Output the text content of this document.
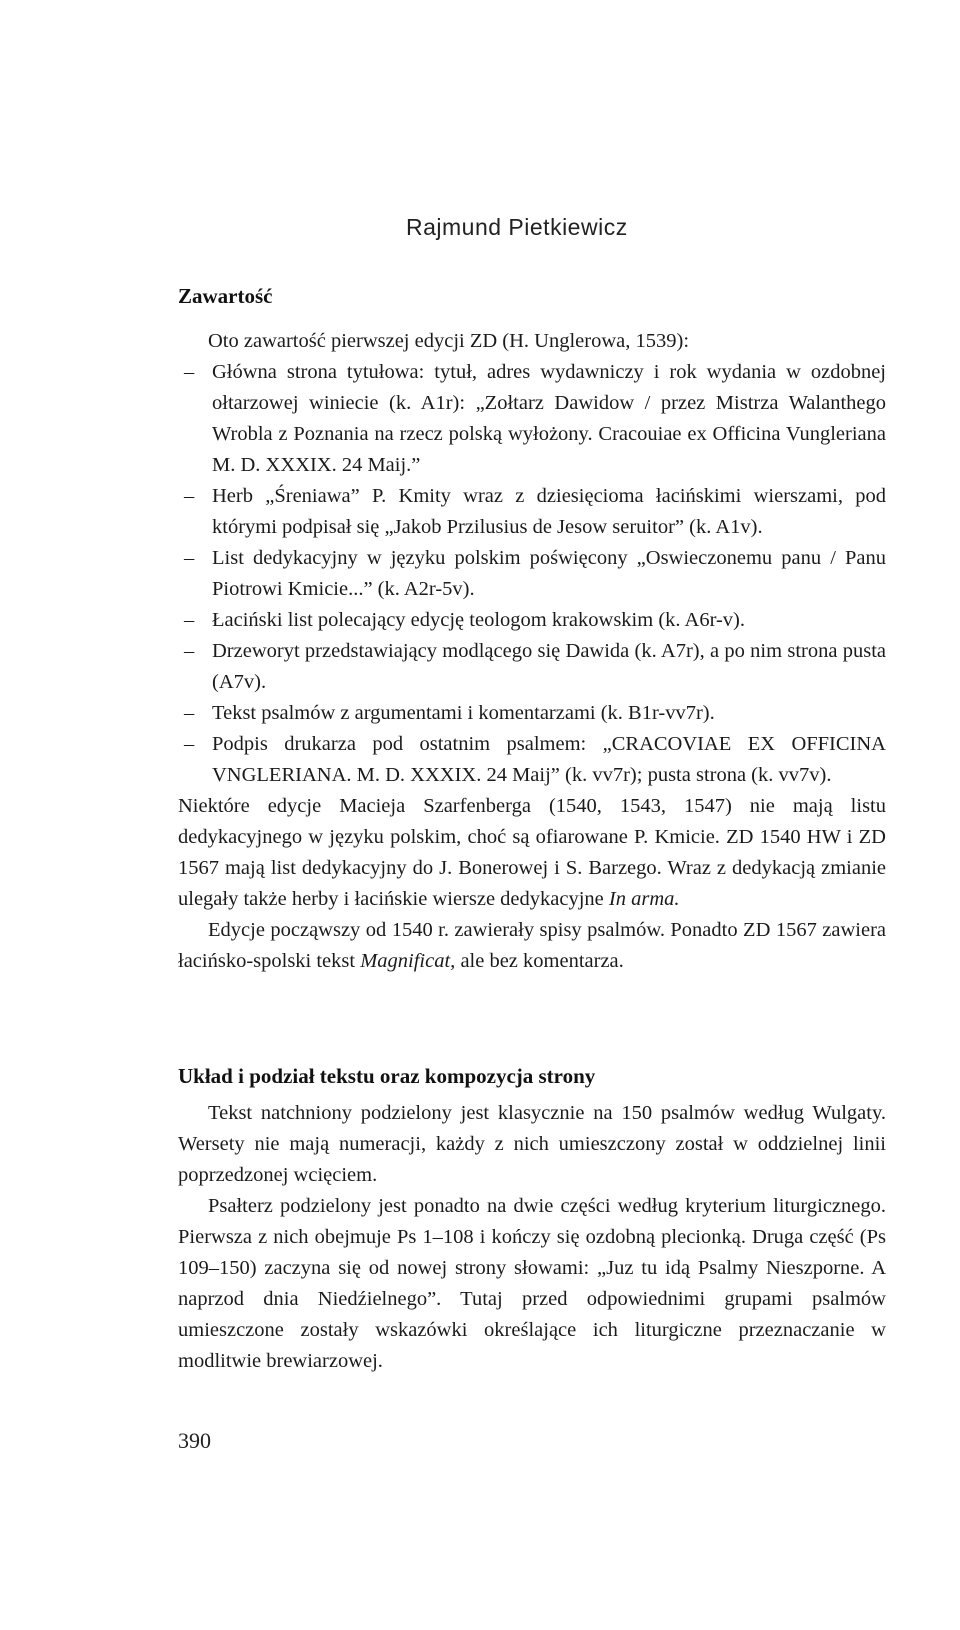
Rajmund Pietkiewicz
Zawartość

Oto zawartość pierwszej edycji ZD (H. Unglerowa, 1539):

– Główna strona tytułowa: tytuł, adres wydawniczy i rok wydania w ozdobnej ołtarzowej winiecie (k. A1r): „Zołtarz Dawidow / przez Mistrza Walanthego Wrobla z Poznania na rzecz polską wyłożony. Cracouiae ex Officina Vungleriana M. D. XXXIX. 24 Maij.”
– Herb „Śreniawa” P. Kmity wraz z dziesięcioma łacińskimi wierszami, pod którymi podpisał się „Jakob Przilusius de Jesow seruitor” (k. A1v).
– List dedykacyjny w języku polskim poświęcony „Oswieczonemu panu / Panu Piotrowi Kmicie...” (k. A2r-5v).
– Łaciński list polecający edycję teologom krakowskim (k. A6r-v).
– Drzeworyt przedstawiający modlącego się Dawida (k. A7r), a po nim strona pusta (A7v).
– Tekst psalmów z argumentami i komentarzami (k. B1r-vv7r).
– Podpis drukarza pod ostatnim psalmem: „CRACOVIAE EX OFFICINA VNGLERIANA. M. D. XXXIX. 24 Maij” (k. vv7r); pusta strona (k. vv7v).

Niektóre edycje Macieja Szarfenberga (1540, 1543, 1547) nie mają listu dedykacyjnego w języku polskim, choć są ofiarowane P. Kmicie. ZD 1540 HW i ZD 1567 mają list dedykacyjny do J. Bonerowej i S. Barzego. Wraz z dedykacją zmianie ulegały także herby i łacińskie wiersze dedykacyjne In arma.

Edycje począwszy od 1540 r. zawierały spisy psalmów. Ponadto ZD 1567 zawiera łacińsko-spolski tekst Magnificat, ale bez komentarza.

Układ i podział tekstu oraz kompozycja strony

Tekst natchniony podzielony jest klasycznie na 150 psalmów według Wulgaty. Wersety nie mają numeracji, każdy z nich umieszczony został w oddzielnej linii poprzedzonej wcięciem.

Psałterz podzielony jest ponadto na dwie części według kryterium liturgicznego. Pierwsza z nich obejmuje Ps 1–108 i kończy się ozdobną plecionką. Druga część (Ps 109–150) zaczyna się od nowej strony słowami: „Juz tu idą Psalmy Nieszporne. A naprzod dnia Niedźielnego”. Tutaj przed odpowiednimi grupami psalmów umieszczone zostały wskazówki określające ich liturgiczne przeznaczanie w modlitwie brewiarzowej.

390
